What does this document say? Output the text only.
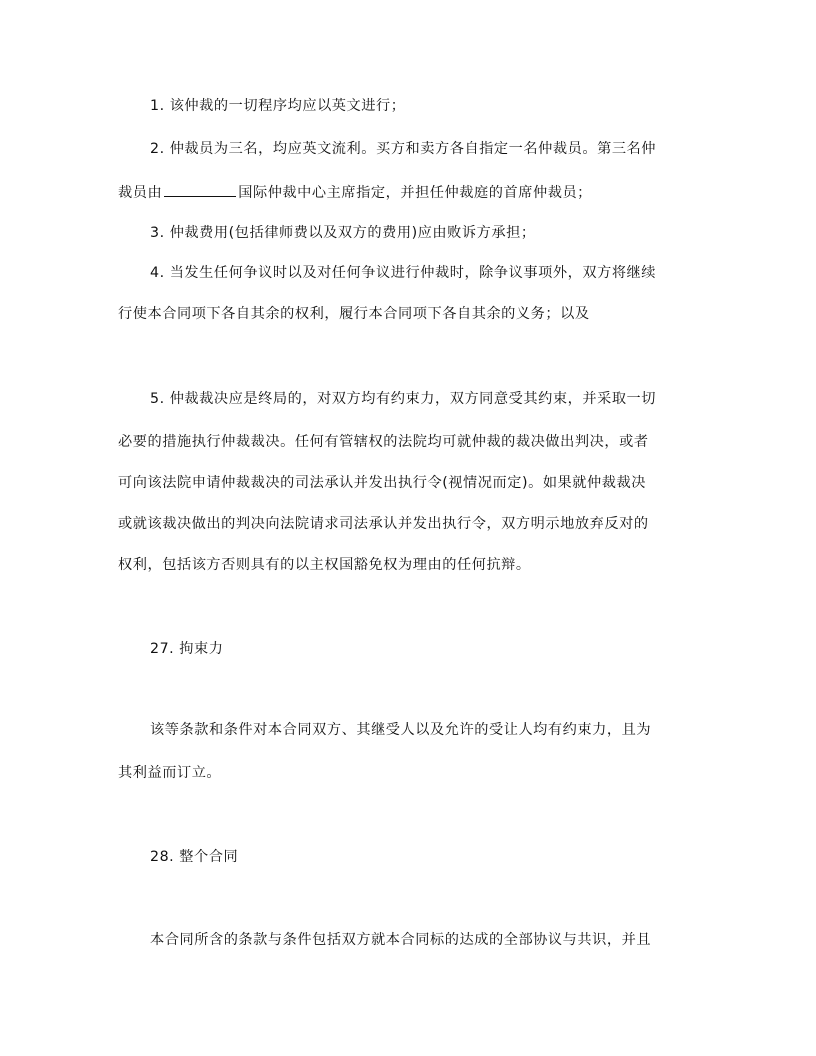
1. 该仲裁的一切程序均应以英文进行；

2. 仲裁员为三名，均应英文流利。买方和卖方各自指定一名仲裁员。第三名仲

裁员由	国际仲裁中心主席指定，并担任仲裁庭的首席仲裁员；

3. 仲裁费用(包括律师费以及双方的费用)应由败诉方承担；

4. 当发生任何争议时以及对任何争议进行仲裁时，除争议事项外，双方将继续

行使本合同项下各自其余的权利，履行本合同项下各自其余的义务；以及

5. 仲裁裁决应是终局的，对双方均有约束力，双方同意受其约束，并采取一切

必要的措施执行仲裁裁决。任何有管辖权的法院均可就仲裁的裁决做出判决，或者

可向该法院申请仲裁裁决的司法承认并发出执行令(视情况而定)。如果就仲裁裁决

或就该裁决做出的判决向法院请求司法承认并发出执行令，双方明示地放弃反对的

权利，包括该方否则具有的以主权国豁免权为理由的任何抗辩。

27. 拘束力

该等条款和条件对本合同双方、其继受人以及允许的受让人均有约束力，且为

其利益而订立。

28. 整个合同

本合同所含的条款与条件包括双方就本合同标的达成的全部协议与共识，并且
